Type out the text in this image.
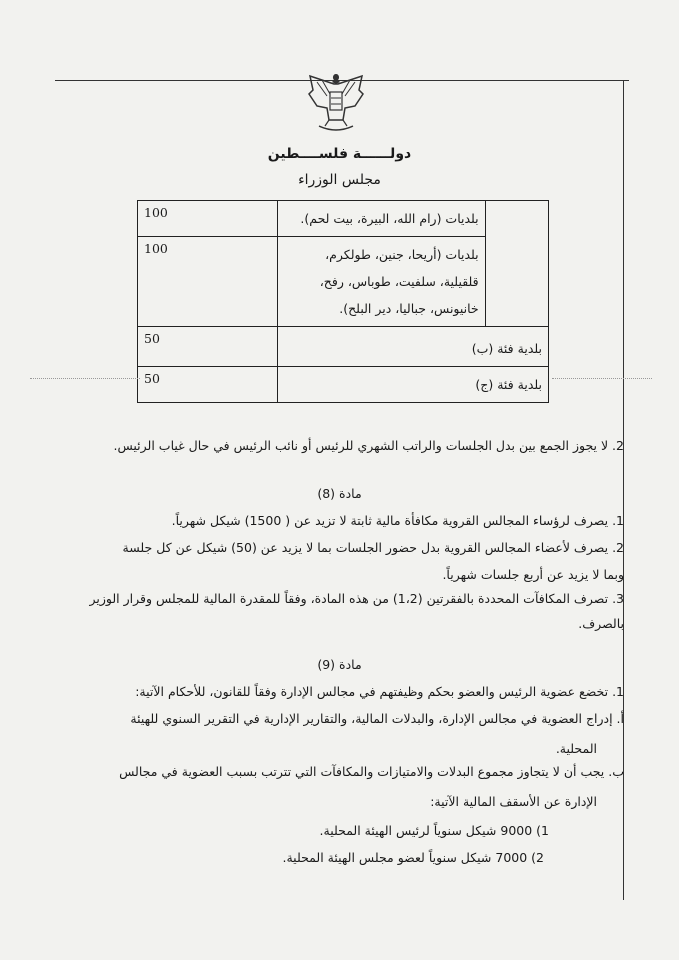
دولــــــة فلســــطين
مجلس الوزراء
100	بلديات (رام الله، البيرة، بيت لحم).	
100	بلديات (أريحا، جنين، طولكرم، قلقيلية، سلفيت، طوباس، رفح، خانيونس، جباليا، دير البلح).	
50	بلدية فئة (ب)	
50	بلدية فئة (ج)	
2. لا يجوز الجمع بين بدل الجلسات والراتب الشهري للرئيس أو نائب الرئيس في حال غياب الرئيس.
مادة (8)
1. يصرف لرؤساء المجالس القروية مكافأة مالية ثابتة لا تزيد عن ( 1500) شيكل شهرياً.
2. يصرف لأعضاء المجالس القروية بدل حضور الجلسات بما لا يزيد عن (50) شيكل عن كل جلسة
وبما لا يزيد عن أربع جلسات شهرياً.
3. تصرف المكافآت المحددة بالفقرتين (1،2) من هذه المادة، وفقاً للمقدرة المالية للمجلس وقرار الوزير
بالصرف.
مادة (9)
1. تخضع عضوية الرئيس والعضو بحكم وظيفتهم في مجالس الإدارة وفقاً للقانون، للأحكام الآتية:
أ. إدراج العضوية في مجالس الإدارة، والبدلات المالية، والتقارير الإدارية في التقرير السنوي للهيئة
المحلية.
ب. يجب أن لا يتجاوز مجموع البدلات والامتيازات والمكافآت التي تترتب بسبب العضوية في مجالس
الإدارة عن الأسقف المالية الآتية:
1) 9000 شيكل سنوياً لرئيس الهيئة المحلية.
2) 7000 شيكل سنوياً لعضو مجلس الهيئة المحلية.
